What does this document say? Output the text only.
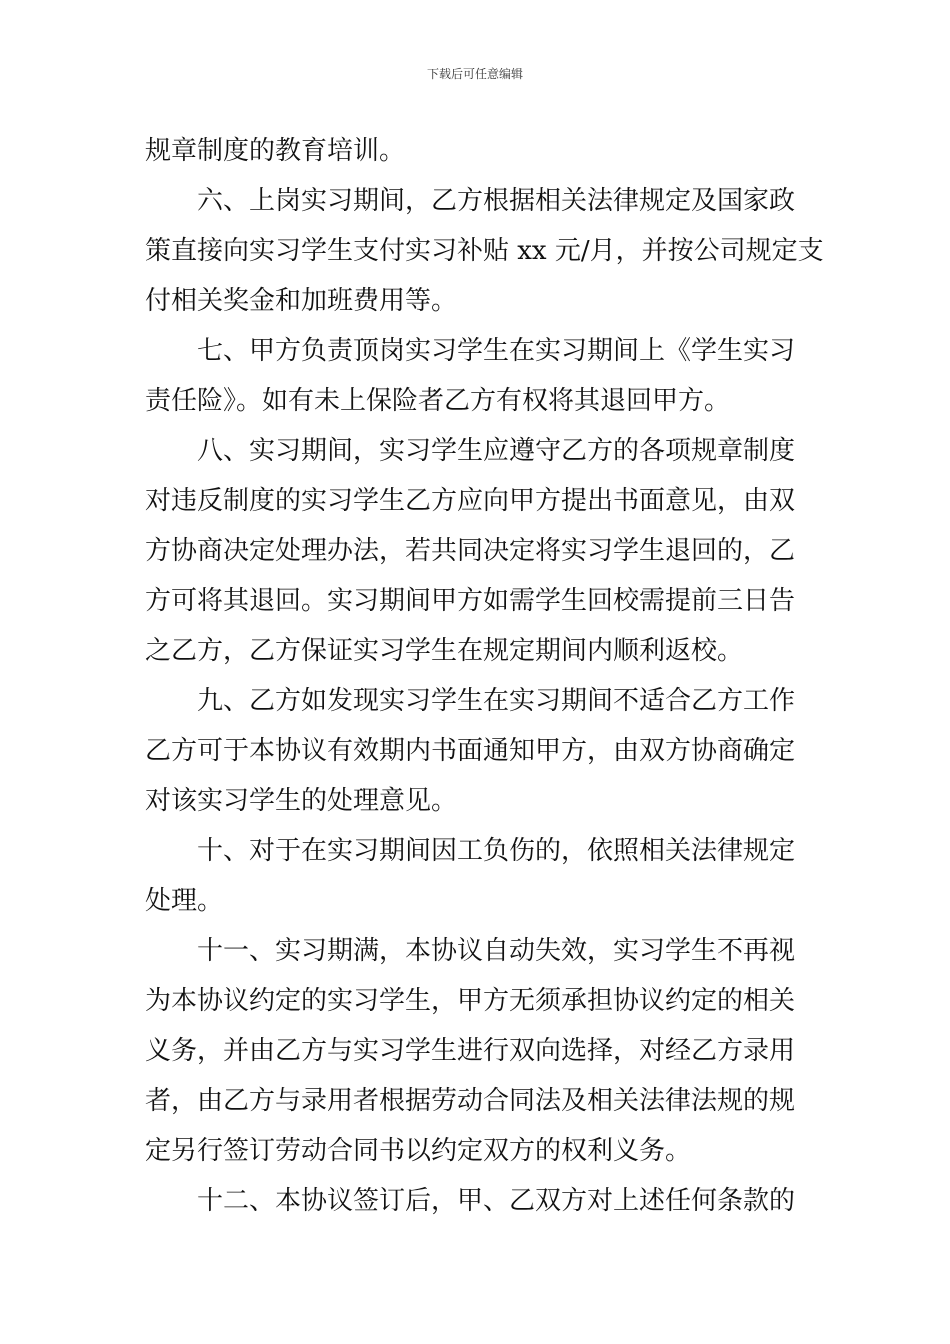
下载后可任意编辑
规章制度的教育培训。
六、上岗实习期间，乙方根据相关法律规定及国家政
策直接向实习学生支付实习补贴 xx 元/月，并按公司规定支
付相关奖金和加班费用等。
七、甲方负责顶岗实习学生在实习期间上《学生实习
责任险》。如有未上保险者乙方有权将其退回甲方。
八、实习期间，实习学生应遵守乙方的各项规章制度
对违反制度的实习学生乙方应向甲方提出书面意见，由双
方协商决定处理办法，若共同决定将实习学生退回的，乙
方可将其退回。实习期间甲方如需学生回校需提前三日告
之乙方，乙方保证实习学生在规定期间内顺利返校。
九、乙方如发现实习学生在实习期间不适合乙方工作
乙方可于本协议有效期内书面通知甲方，由双方协商确定
对该实习学生的处理意见。
十、对于在实习期间因工负伤的，依照相关法律规定
处理。
十一、实习期满，本协议自动失效，实习学生不再视
为本协议约定的实习学生，甲方无须承担协议约定的相关
义务，并由乙方与实习学生进行双向选择，对经乙方录用
者，由乙方与录用者根据劳动合同法及相关法律法规的规
定另行签订劳动合同书以约定双方的权利义务。
十二、本协议签订后，甲、乙双方对上述任何条款的
